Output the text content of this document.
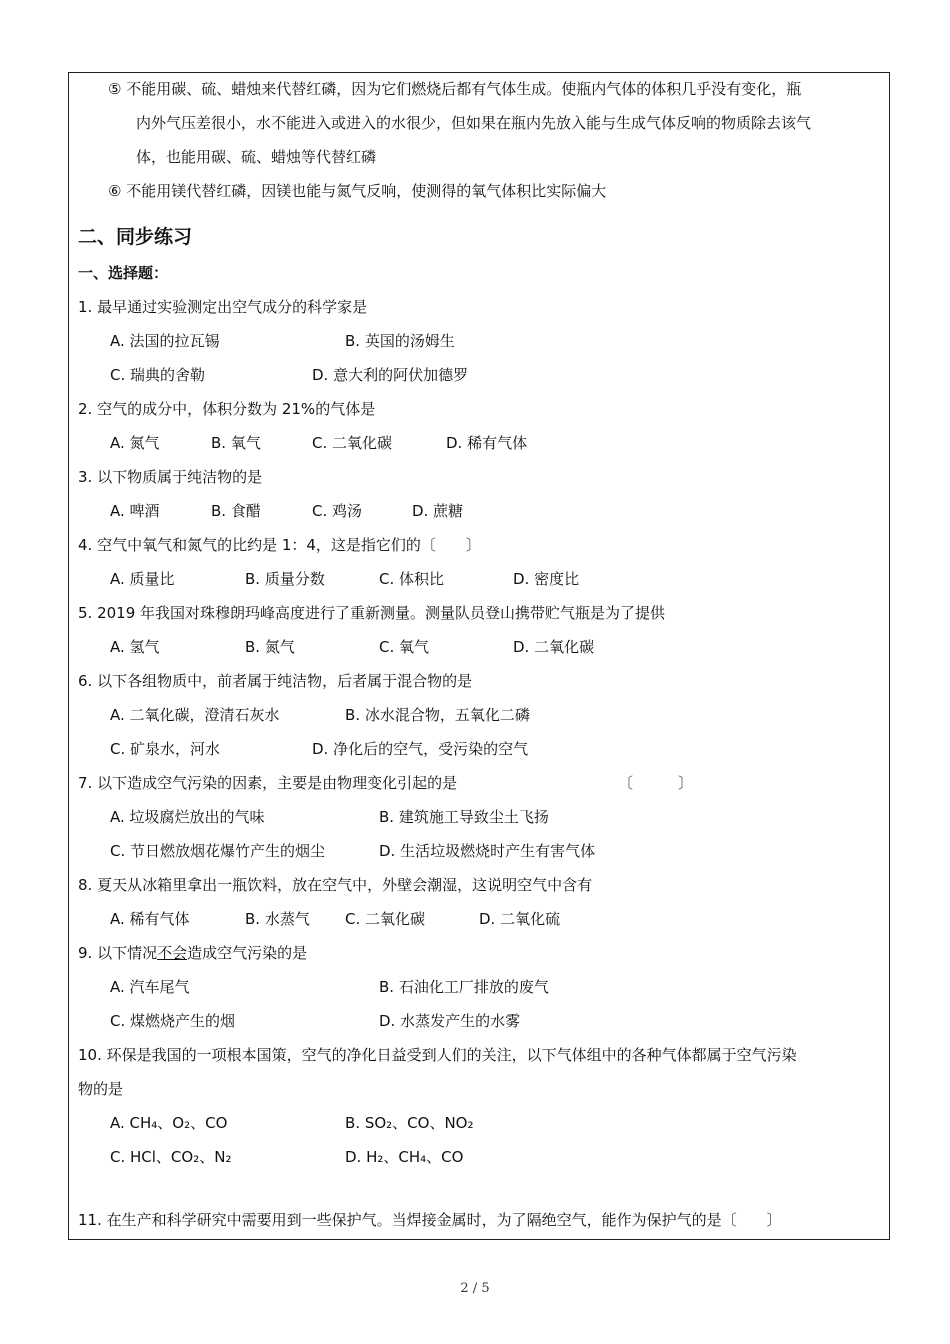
⑤ 不能用碳、硫、蜡烛来代替红磷，因为它们燃烧后都有气体生成。使瓶内气体的体积几乎没有变化，瓶
内外气压差很小，水不能进入或进入的水很少，但如果在瓶内先放入能与生成气体反响的物质除去该气
体，也能用碳、硫、蜡烛等代替红磷
⑥ 不能用镁代替红磷，因镁也能与氮气反响，使测得的氧气体积比实际偏大
二、同步练习
一、选择题：
1. 最早通过实验测定出空气成分的科学家是
A. 法国的拉瓦锡	B. 英国的汤姆生
C. 瑞典的舍勒	D. 意大利的阿伏加德罗
2. 空气的成分中，体积分数为 21%的气体是
A. 氮气	B. 氧气	C. 二氧化碳	D. 稀有气体
3. 以下物质属于纯洁物的是
A. 啤酒	B. 食醋	C. 鸡汤	D. 蔗糖
4. 空气中氧气和氮气的比约是 1：4，这是指它们的〔　　〕
A. 质量比	B. 质量分数	C. 体积比	D. 密度比
5. 2019 年我国对珠穆朗玛峰高度进行了重新测量。测量队员登山携带贮气瓶是为了提供
A. 氢气	B. 氮气	C. 氧气	D. 二氧化碳
6. 以下各组物质中，前者属于纯洁物，后者属于混合物的是
A. 二氧化碳，澄清石灰水	B. 冰水混合物，五氧化二磷
C. 矿泉水，河水	D. 净化后的空气，受污染的空气
7. 以下造成空气污染的因素，主要是由物理变化引起的是	〔　　　〕
A. 垃圾腐烂放出的气味	B. 建筑施工导致尘土飞扬
C. 节日燃放烟花爆竹产生的烟尘	D. 生活垃圾燃烧时产生有害气体
8. 夏天从冰箱里拿出一瓶饮料，放在空气中，外壁会潮湿，这说明空气中含有
A. 稀有气体	B. 水蒸气 C. 二氧化碳	D. 二氧化硫
9. 以下情况不会造成空气污染的是
A. 汽车尾气	B. 石油化工厂排放的废气
C. 煤燃烧产生的烟	D. 水蒸发产生的水雾
10. 环保是我国的一项根本国策，空气的净化日益受到人们的关注，以下气体组中的各种气体都属于空气污染
物的是
A. CH₄、O₂、CO	B. SO₂、CO、NO₂
C. HCl、CO₂、N₂	D. H₂、CH₄、CO
11. 在生产和科学研究中需要用到一些保护气。当焊接金属时，为了隔绝空气，能作为保护气的是〔　　〕
2 / 5
